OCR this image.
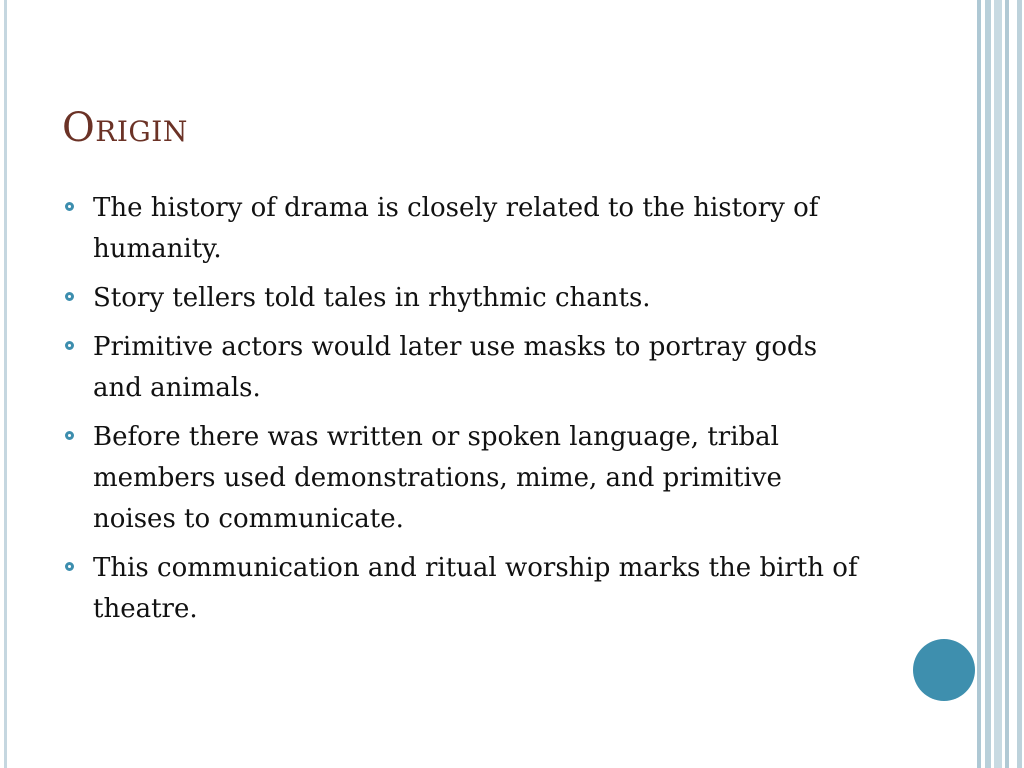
Origin
The history of drama is closely related to the history of humanity.
Story tellers told tales in rhythmic chants.
Primitive actors would later use masks to portray gods and animals.
Before there was written or spoken language, tribal members used demonstrations, mime, and primitive noises to communicate.
This communication and ritual worship marks the birth of theatre.
